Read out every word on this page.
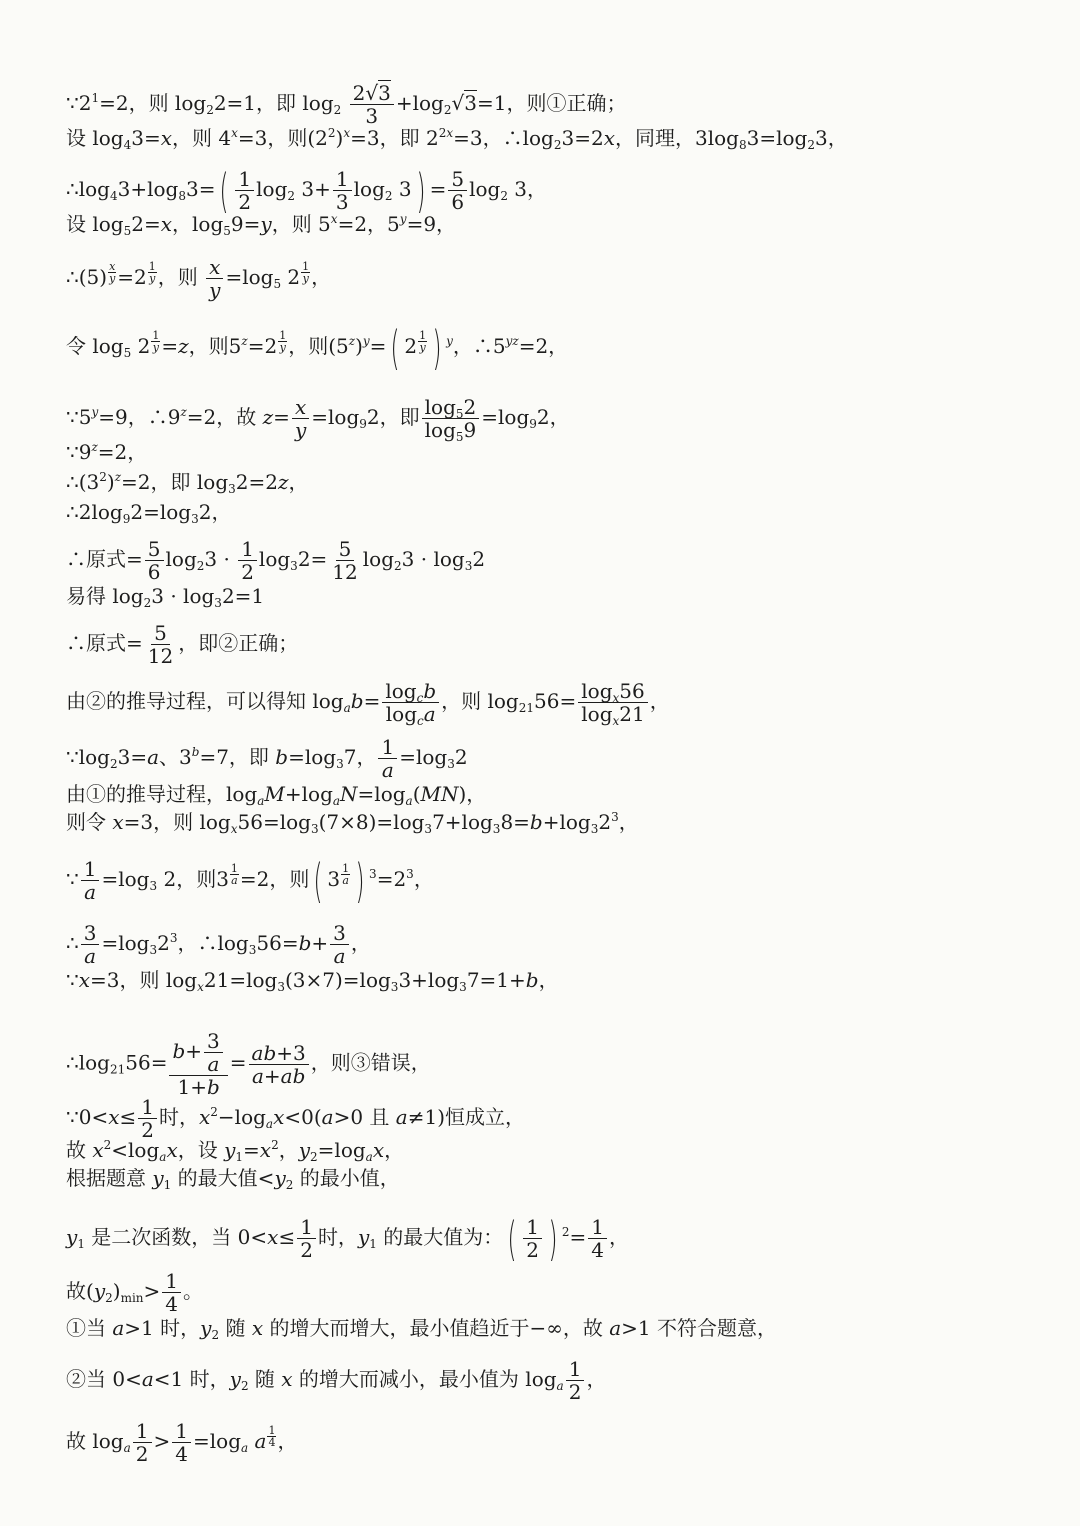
$\because 2^1=2$，则 $\log_22=1$，即 $\log_2 \frac{2√3}{3} +\log_2√3=1$，则①正确；
设 $\log_43=x$，则 $4^x=3$，则$(2^2)^x=3$，即 $2^{2x}=3$，$\therefore\log_23=2x$，同理，$3\log_83=\log_23$，
$\therefore\log_43+\log_83=( \frac{1}{2} \log_2 3+ \frac{1}{3} \log_2 3) = \frac{5}{6} \log_2 3$，
设 $\log_52=x$，$\log_59=y$，则 $5^x=2$，$5^y=9$，
∴(5) $\frac{x}{y} =2 \frac{1}{y}$ ，则 $\frac{x}{y} =\log_5$ $2 \frac{1}{y}$ ，
令 $\log_5 2 \frac{1}{y} =z$，则$5^z=2 \frac{1}{y}$ ，则$(5^z)^y=$( $2 \frac{1}{y}$ ) $^y$，$\therefore 5^{yz}=2$，
$\because 5^y=9$，$\therefore 9^z=2$，故 $z= \frac{x}{y} =\log_92$，即 $\frac{\log_52}{\log_59} =\log_92$，
$\because 9^z=2$，
$\therefore(3^2)^z=2$，即 $\log_32=2z$，
$\therefore 2\log_92=\log_32$，
∴原式= $\frac{5}{6} \log_23 \cdot \frac{1}{2} \log_32= \frac{5}{12} \log_23 \cdot \log_32$
易得 $\log_23 \cdot \log_32=1$
∴原式= $\frac{5}{12}$ ，即②正确；
由②的推导过程，可以得知 $\log_ab= \frac{\log_cb}{\log_ca}$ ，则 $\log_{21}56= \frac{\log_x56}{\log_x21}$ ，
$\because\log_23=a$、$3^b=7$，即 $b=\log_37$， $\frac{1}{a} =\log_32$
由①的推导过程，$\log_aM+\log_aN=\log_a(MN)$，
则令 x=3，则 $\log_x56=\log_3(7\times 8)=\log_37+\log_38=b+\log_32^3$，
∵ $\frac{1}{a} =\log_3$ 2，则$3 \frac{1}{a} =2$，则( $3 \frac{1}{a}$ ) $^3=2^3$，
∴ $\frac{3}{a} =\log_32^3$，$\therefore\log_356=b+ \frac{3}{a}$ ，
∵x=3，则 $\log_x21=\log_3(3\times 7)=\log_33+\log_37=1+b$，
$\therefore\log_{21}56= \frac{b+ \frac{3}{a}}{1+b} = \frac{ab+3}{a+ab}$ ，则③错误，
∵0<x≤ $\frac{1}{2}$ 时，$x^2-\log_ax<0(a>0$ 且 a≠1)恒成立，
故 $x^2<\log_ax$，设 $y_1=x^2$，$y_2=\log_ax$，
根据题意 $y_1$ 的最大值$<y_2$ 的最小值，
$y_1$ 是二次函数，当 $0<x\le \frac{1}{2}$ 时，$y_1$ 的最大值为：( $\frac{1}{2}$ ) $^2= \frac{1}{4}$ ，
故$(y_2)_{min}> \frac{1}{4}$ 。
①当 a>1 时，$y_2$ 随 x 的增大而增大，最小值趋近于−∞，故 a>1 不符合题意，
②当 0<a<1 时，$y_2$ 随 x 的增大而减小，最小值为 $\log_a \frac{1}{2}$ ，
故 $\log_a \frac{1}{2} > \frac{1}{4} =\log_a$ a $\frac{1}{4}$ ，
